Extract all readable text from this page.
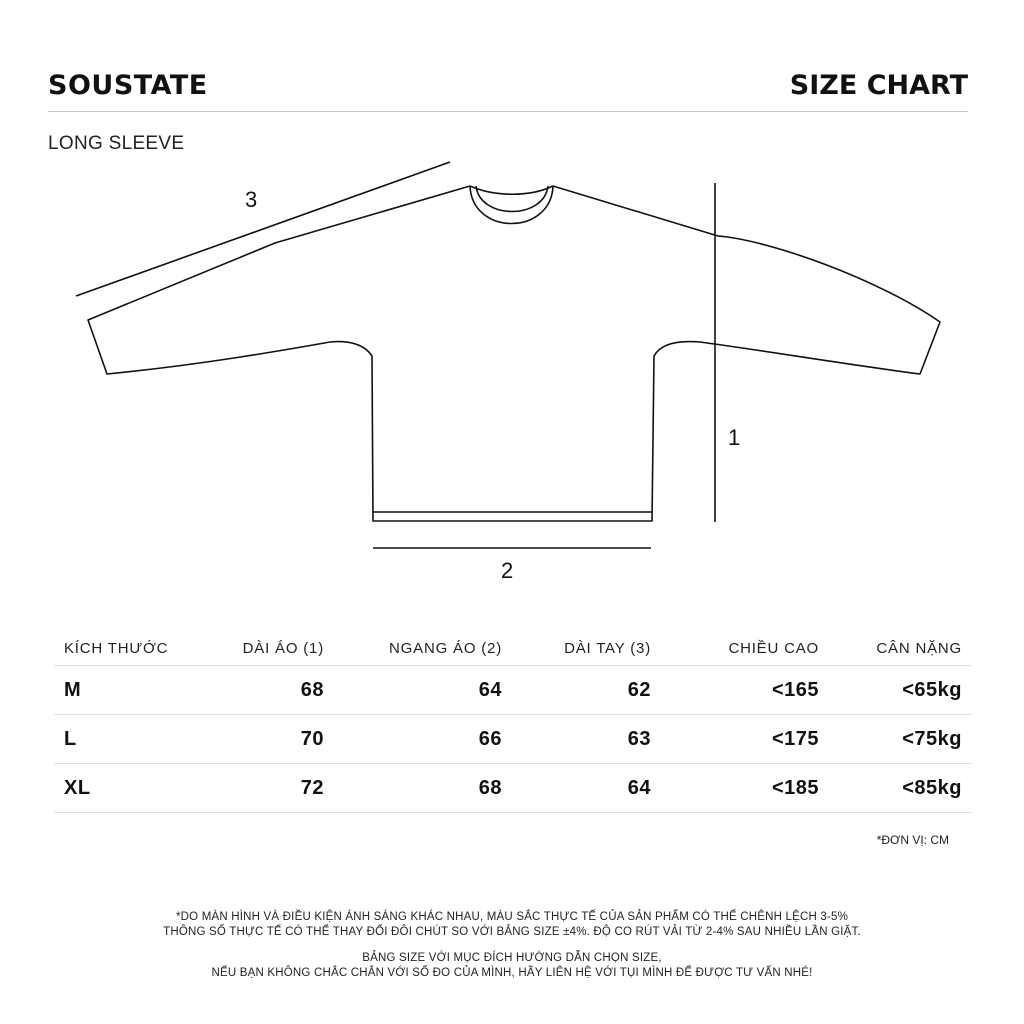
SOUSTATE	SIZE CHART
LONG SLEEVE
3
1
2
KÍCH THƯỚC	DÀI ÁO (1)	NGANG ÁO (2)	DÀI TAY (3)	CHIỀU CAO	CÂN NẶNG
M	68	64	62	<165	<65kg
L	70	66	63	<175	<75kg
XL	72	68	64	<185	<85kg
*ĐƠN VỊ: CM
*DO MÀN HÌNH VÀ ĐIỀU KIỆN ÁNH SÁNG KHÁC NHAU, MÀU SẮC THỰC TẾ CỦA SẢN PHẨM CÓ THỂ CHÊNH LỆCH 3-5%
THÔNG SỐ THỰC TẾ CÓ THỂ THAY ĐỔI ĐÔI CHÚT SO VỚI BẢNG SIZE ±4%. ĐỘ CO RÚT VẢI TỪ 2-4% SAU NHIỀU LẦN GIẶT.
BẢNG SIZE VỚI MỤC ĐÍCH HƯỚNG DẪN CHỌN SIZE,
NẾU BẠN KHÔNG CHẮC CHẮN VỚI SỐ ĐO CỦA MÌNH, HÃY LIÊN HỆ VỚI TỤI MÌNH ĐỂ ĐƯỢC TƯ VẤN NHÉ!
